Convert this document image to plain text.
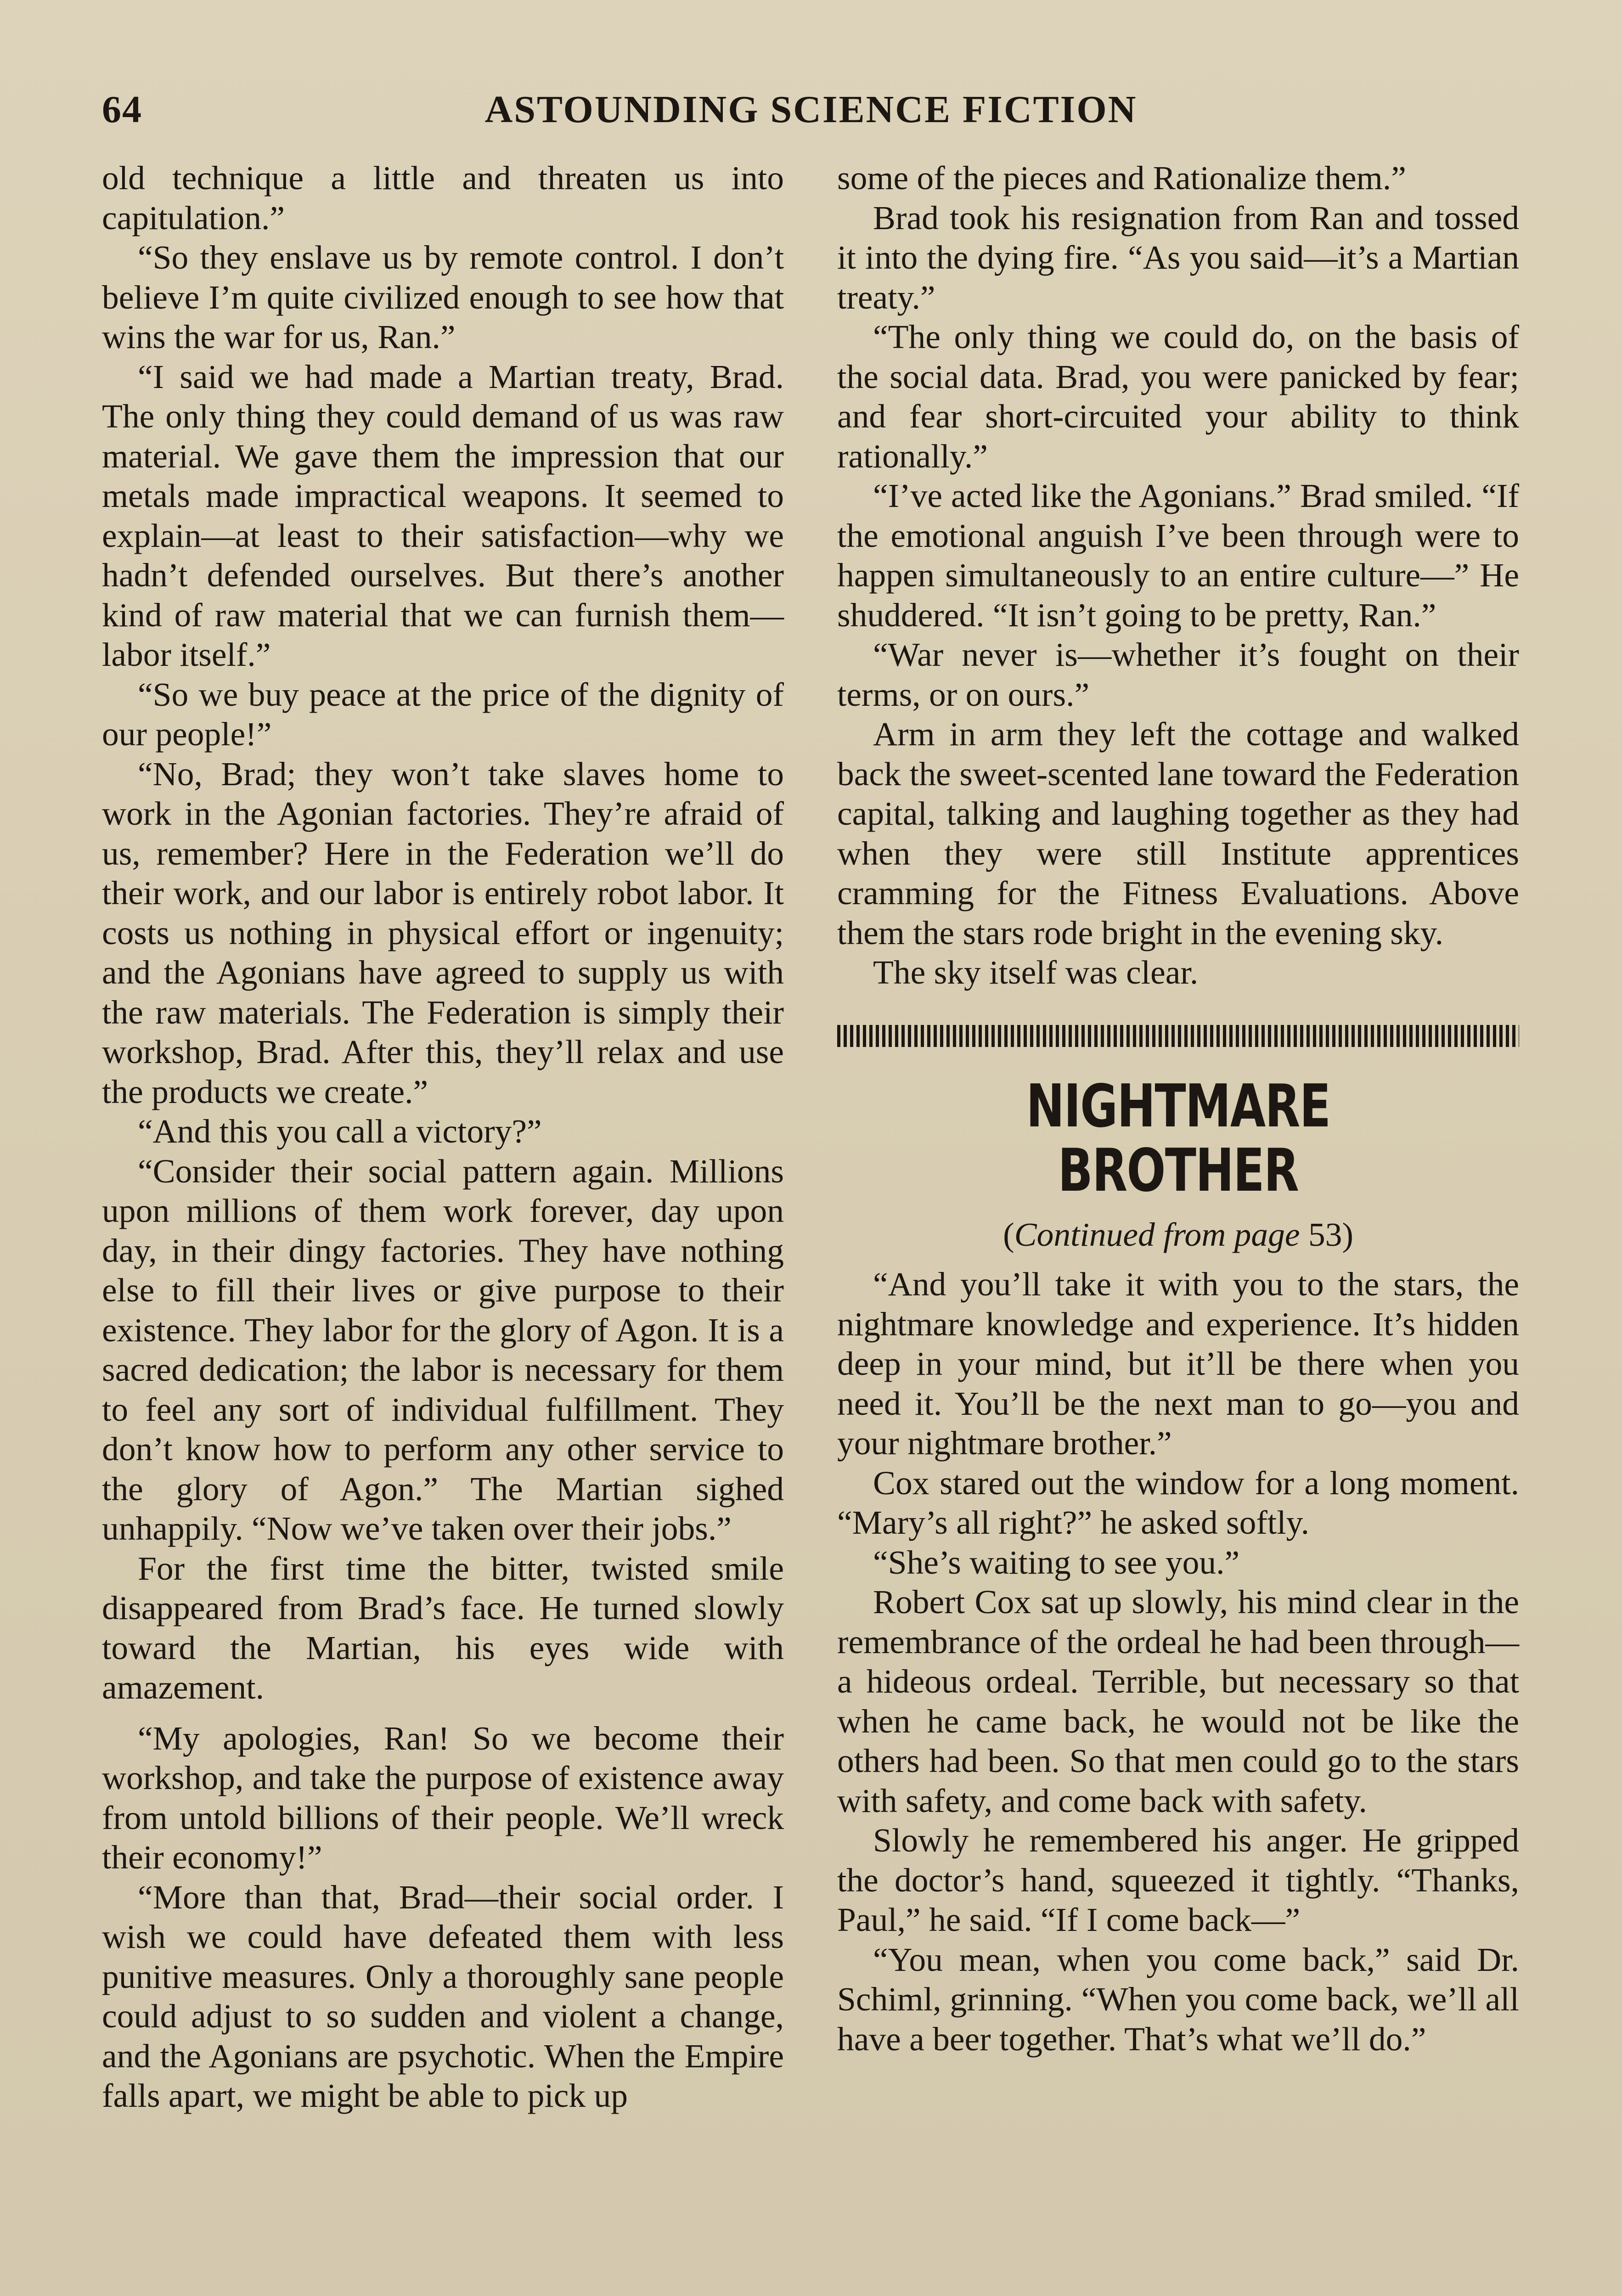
64	ASTOUNDING SCIENCE FICTION

old technique a little and threaten us into capitulation.”

“So they enslave us by remote control. I don’t believe I’m quite civilized enough to see how that wins the war for us, Ran.”

“I said we had made a Martian treaty, Brad. The only thing they could demand of us was raw material. We gave them the impression that our metals made impractical weapons. It seemed to explain—at least to their satisfaction—why we hadn’t defended ourselves. But there’s another kind of raw material that we can furnish them—labor itself.”

“So we buy peace at the price of the dignity of our people!”

“No, Brad; they won’t take slaves home to work in the Agonian factories. They’re afraid of us, remember? Here in the Federation we’ll do their work, and our labor is entirely robot labor. It costs us nothing in physical effort or ingenuity; and the Agonians have agreed to supply us with the raw materials. The Federation is simply their workshop, Brad. After this, they’ll relax and use the products we create.”

“And this you call a victory?”

“Consider their social pattern again. Millions upon millions of them work forever, day upon day, in their dingy factories. They have nothing else to fill their lives or give purpose to their existence. They labor for the glory of Agon. It is a sacred dedication; the labor is necessary for them to feel any sort of individual fulfillment. They don’t know how to perform any other service to the glory of Agon.” The Martian sighed unhappily. “Now we’ve taken over their jobs.”

For the first time the bitter, twisted smile disappeared from Brad’s face. He turned slowly toward the Martian, his eyes wide with amazement.

“My apologies, Ran! So we become their workshop, and take the purpose of existence away from untold billions of their people. We’ll wreck their economy!”

“More than that, Brad—their social order. I wish we could have defeated them with less punitive measures. Only a thoroughly sane people could adjust to so sudden and violent a change, and the Agonians are psychotic. When the Empire falls apart, we might be able to pick up

some of the pieces and Rationalize them.”

Brad took his resignation from Ran and tossed it into the dying fire. “As you said—it’s a Martian treaty.”

“The only thing we could do, on the basis of the social data. Brad, you were panicked by fear; and fear short-circuited your ability to think rationally.”

“I’ve acted like the Agonians.” Brad smiled. “If the emotional anguish I’ve been through were to happen simultaneously to an entire culture—” He shuddered. “It isn’t going to be pretty, Ran.”

“War never is—whether it’s fought on their terms, or on ours.”

Arm in arm they left the cottage and walked back the sweet-scented lane toward the Federation capital, talking and laughing together as they had when they were still Institute apprentices cramming for the Fitness Evaluations. Above them the stars rode bright in the evening sky.

The sky itself was clear.

NIGHTMARE BROTHER
(Continued from page 53)

“And you’ll take it with you to the stars, the nightmare knowledge and experience. It’s hidden deep in your mind, but it’ll be there when you need it. You’ll be the next man to go—you and your nightmare brother.”

Cox stared out the window for a long moment. “Mary’s all right?” he asked softly.

“She’s waiting to see you.”

Robert Cox sat up slowly, his mind clear in the remembrance of the ordeal he had been through—a hideous ordeal. Terrible, but necessary so that when he came back, he would not be like the others had been. So that men could go to the stars with safety, and come back with safety.

Slowly he remembered his anger. He gripped the doctor’s hand, squeezed it tightly. “Thanks, Paul,” he said. “If I come back—”

“You mean, when you come back,” said Dr. Schiml, grinning. “When you come back, we’ll all have a beer together. That’s what we’ll do.”
